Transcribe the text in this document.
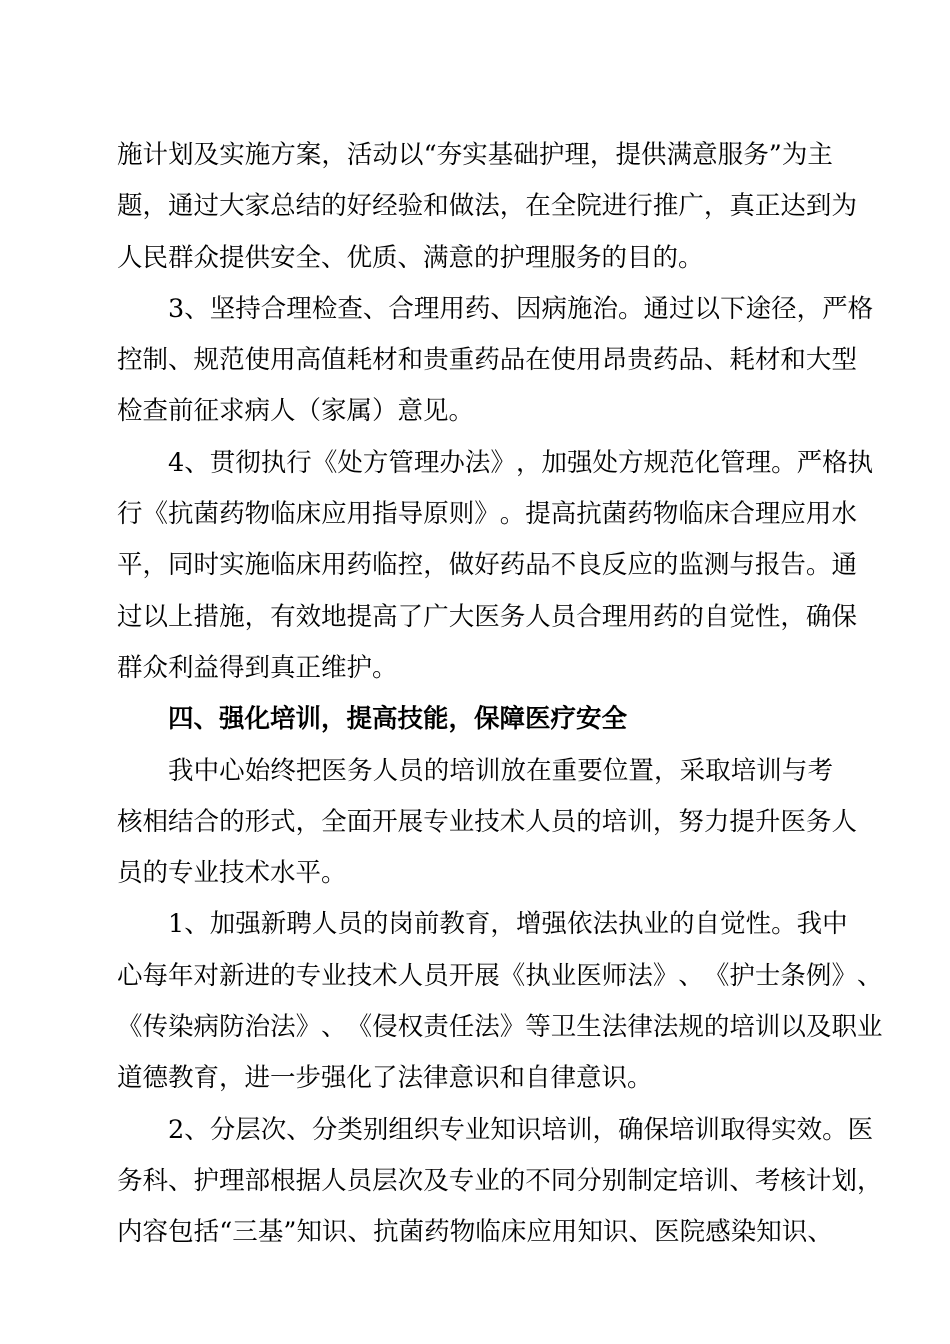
施 计 划 及 实 施 方 案 ， 活 动 以 “ 夯 实 基 础 护 理 ， 提 供 满 意 服 务 ” 为 主
题 ， 通 过 大 家 总 结 的 好 经 验 和 做 法 ， 在 全 院 进 行 推 广 ， 真 正 达 到 为
人民群众提供安全、优质、满意的护理服务的目的。
3 、 坚 持 合 理 检 查 、 合 理 用 药 、 因 病 施 治 。 通 过 以 下 途 径 ， 严 格
控 制 、 规 范 使 用 高 值 耗 材 和 贵 重 药 品 在 使 用 昂 贵 药 品 、 耗 材 和 大 型
检查前征求病人（家属）意见。
4 、 贯 彻 执 行 《 处 方 管 理 办 法 》 ， 加 强 处 方 规 范 化 管 理 。 严 格 执
行 《 抗 菌 药 物 临 床 应 用 指 导 原 则 》 。 提 高 抗 菌 药 物 临 床 合 理 应 用 水
平 ， 同 时 实 施 临 床 用 药 临 控 ， 做 好 药 品 不 良 反 应 的 监 测 与 报 告 。 通
过 以 上 措 施 ， 有 效 地 提 高 了 广 大 医 务 人 员 合 理 用 药 的 自 觉 性 ， 确 保
群众利益得到真正维护。
四、强化培训，提高技能，保障医疗安全
我 中 心 始 终 把 医 务 人 员 的 培 训 放 在 重 要 位 置 ， 采 取 培 训 与 考
核 相 结 合 的 形 式 ， 全 面 开 展 专 业 技 术 人 员 的 培 训 ， 努 力 提 升 医 务 人
员的专业技术水平。
1 、 加 强 新 聘 人 员 的 岗 前 教 育 ， 增 强 依 法 执 业 的 自 觉 性 。 我 中
心 每 年 对 新 进 的 专 业 技 术 人 员 开 展 《 执 业 医 师 法 》 、 《 护 士 条 例 》 、
《 传 染 病 防 治 法 》 、 《 侵 权 责 任 法 》 等 卫 生 法 律 法 规 的 培 训 以 及 职 业
道德教育，进一步强化了法律意识和自律意识。
2 、 分 层 次 、 分 类 别 组 织 专 业 知 识 培 训 ， 确 保 培 训 取 得 实 效 。 医
务 科 、 护 理 部 根 据 人 员 层 次 及 专 业 的 不 同 分 别 制 定 培 训 、 考 核 计 划 ，
内 容 包 括 “ 三 基 ” 知 识 、 抗 菌 药 物 临 床 应 用 知 识 、 医 院 感 染 知 识 、
